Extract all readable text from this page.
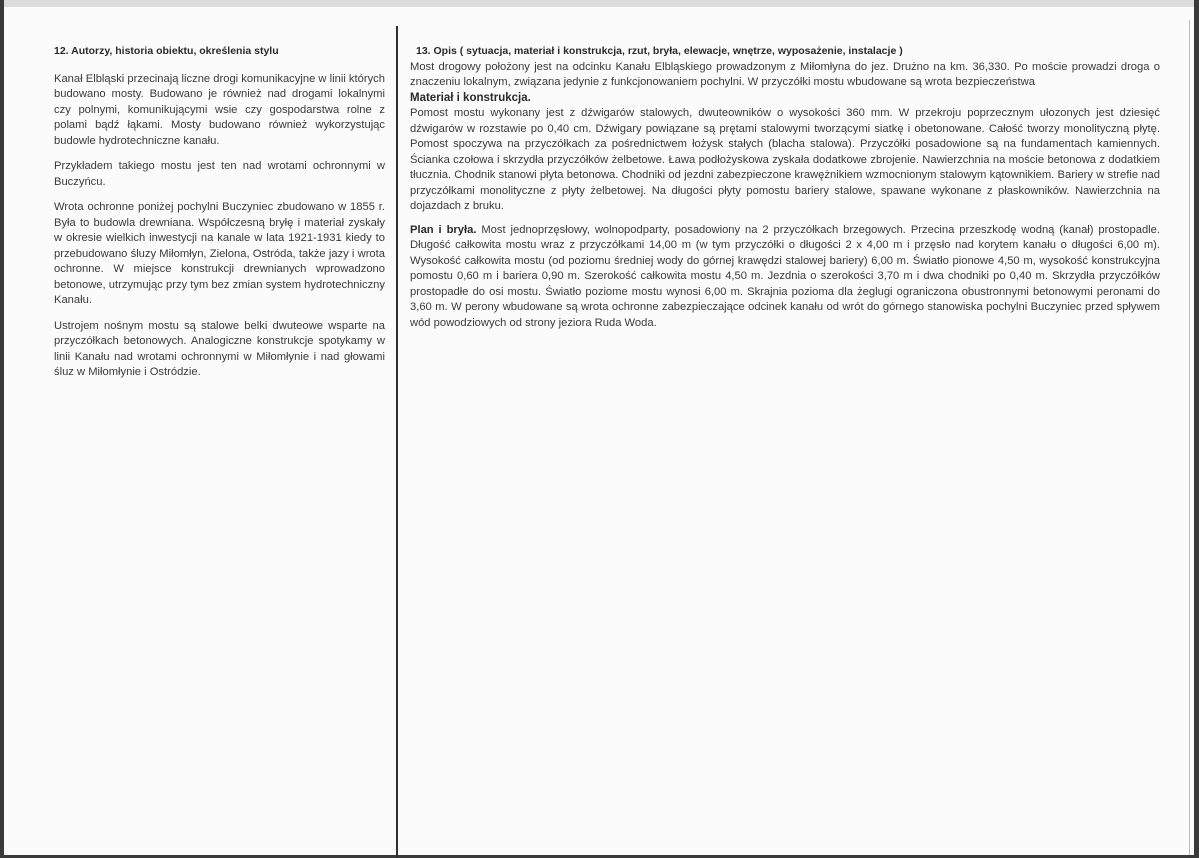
12. Autorzy, historia obiektu, określenia stylu

Kanał Elbląski przecinają liczne drogi komunikacyjne w linii których budowano mosty. Budowano je również nad drogami lokalnymi czy polnymi, komunikującymi wsie czy gospodarstwa rolne z polami bądź łąkami. Mosty budowano również wykorzystując budowle hydrotechniczne kanału.

Przykładem takiego mostu jest ten nad wrotami ochronnymi w Buczyńcu.

Wrota ochronne poniżej pochylni Buczyniec zbudowano w 1855 r. Była to budowla drewniana. Współczesną bryłę i materiał zyskały w okresie wielkich inwestycji na kanale w lata 1921-1931 kiedy to przebudowano śluzy Miłomłyn, Zielona, Ostróda, także jazy i wrota ochronne. W miejsce konstrukcji drewnianych wprowadzono betonowe, utrzymując przy tym bez zmian system hydrotechniczny Kanału.

Ustrojem nośnym mostu są stalowe belki dwuteowe wsparte na przyczółkach betonowych. Analogiczne konstrukcje spotykamy w linii Kanału nad wrotami ochronnymi w Miłomłynie i nad głowami śluz w Miłomłynie i Ostródzie.

13. Opis ( sytuacja, materiał i konstrukcja, rzut, bryła, elewacje, wnętrze, wyposażenie, instalacje )

Most drogowy położony jest na odcinku Kanału Elbląskiego prowadzonym z Miłomłyna do jez. Drużno na km. 36,330. Po moście prowadzi droga o znaczeniu lokalnym, związana jedynie z funkcjonowaniem pochylni. W przyczółki mostu wbudowane są wrota bezpieczeństwa

Materiał i konstrukcja.

Pomost mostu wykonany jest z dźwigarów stalowych, dwuteowników o wysokości 360 mm. W przekroju poprzecznym ułozonych jest dziesięć dźwigarów w rozstawie po 0,40 cm. Dźwigary powiązane są prętami stalowymi tworzącymi siatkę i obetonowane. Całość tworzy monolityczną płytę. Pomost spoczywa na przyczółkach za pośrednictwem łożysk stałych (blacha stalowa). Przyczółki posadowione są na fundamentach kamiennych. Ścianka czołowa i skrzydła przyczółków żelbetowe. Ława podłożyskowa zyskała dodatkowe zbrojenie. Nawierzchnia na moście betonowa z dodatkiem tłucznia. Chodnik stanowi płyta betonowa. Chodniki od jezdni zabezpieczone krawężnikiem wzmocnionym stalowym kątownikiem. Bariery w strefie nad przyczółkami monolityczne z płyty żelbetowej. Na długości płyty pomostu bariery stalowe, spawane wykonane z płaskowników. Nawierzchnia na dojazdach z bruku.

Plan i bryła. Most jednoprzęsłowy, wolnopodparty, posadowiony na 2 przyczółkach brzegowych. Przecina przeszkodę wodną (kanał) prostopadle. Długość całkowita mostu wraz z przyczółkami 14,00 m (w tym przyczółki o długości 2 x 4,00 m i przęsło nad korytem kanału o długości 6,00 m). Wysokość całkowita mostu (od poziomu średniej wody do górnej krawędzi stalowej bariery) 6,00 m. Światło pionowe 4,50 m, wysokość konstrukcyjna pomostu 0,60 m i bariera 0,90 m. Szerokość całkowita mostu 4,50 m. Jezdnia o szerokości 3,70 m i dwa chodniki po 0,40 m. Skrzydła przyczółków prostopadłe do osi mostu. Światło poziome mostu wynosi 6,00 m. Skrajnia pozioma dla żeglugi ograniczona obustronnymi betonowymi peronami do 3,60 m. W perony wbudowane są wrota ochronne zabezpieczające odcinek kanału od wrót do górnego stanowiska pochylni Buczyniec przed spływem wód powodziowych od strony jeziora Ruda Woda.
